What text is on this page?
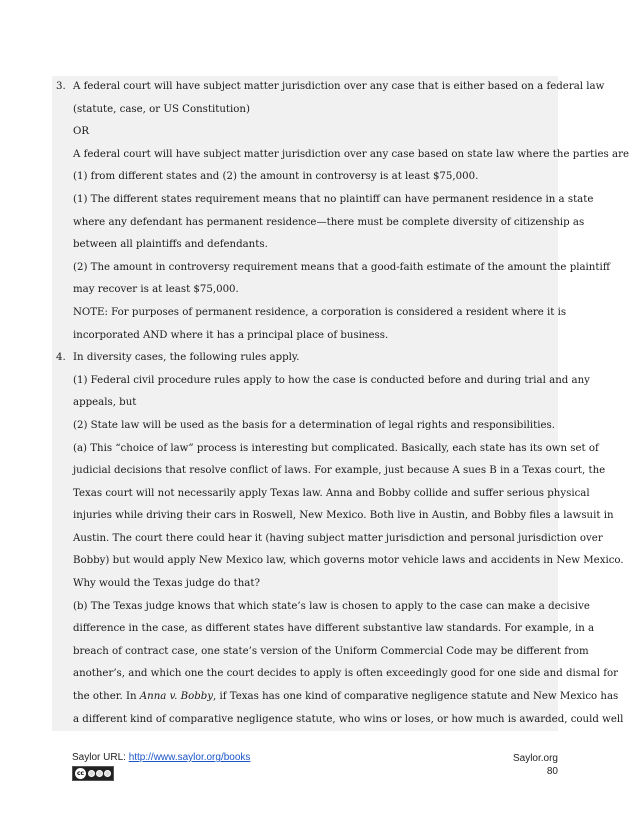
3. A federal court will have subject matter jurisdiction over any case that is either based on a federal law
(statute, case, or US Constitution)
OR
A federal court will have subject matter jurisdiction over any case based on state law where the parties are
(1) from different states and (2) the amount in controversy is at least $75,000.
(1) The different states requirement means that no plaintiff can have permanent residence in a state
where any defendant has permanent residence—there must be complete diversity of citizenship as
between all plaintiffs and defendants.
(2) The amount in controversy requirement means that a good-faith estimate of the amount the plaintiff
may recover is at least $75,000.
NOTE: For purposes of permanent residence, a corporation is considered a resident where it is
incorporated AND where it has a principal place of business.
4. In diversity cases, the following rules apply.
(1) Federal civil procedure rules apply to how the case is conducted before and during trial and any
appeals, but
(2) State law will be used as the basis for a determination of legal rights and responsibilities.
(a) This “choice of law” process is interesting but complicated. Basically, each state has its own set of
judicial decisions that resolve conflict of laws. For example, just because A sues B in a Texas court, the
Texas court will not necessarily apply Texas law. Anna and Bobby collide and suffer serious physical
injuries while driving their cars in Roswell, New Mexico. Both live in Austin, and Bobby files a lawsuit in
Austin. The court there could hear it (having subject matter jurisdiction and personal jurisdiction over
Bobby) but would apply New Mexico law, which governs motor vehicle laws and accidents in New Mexico.
Why would the Texas judge do that?
(b) The Texas judge knows that which state’s law is chosen to apply to the case can make a decisive
difference in the case, as different states have different substantive law standards. For example, in a
breach of contract case, one state’s version of the Uniform Commercial Code may be different from
another’s, and which one the court decides to apply is often exceedingly good for one side and dismal for
the other. In Anna v. Bobby, if Texas has one kind of comparative negligence statute and New Mexico has
a different kind of comparative negligence statute, who wins or loses, or how much is awarded, could well
Saylor URL: http://www.saylor.org/books
cc
Saylor.org
80
